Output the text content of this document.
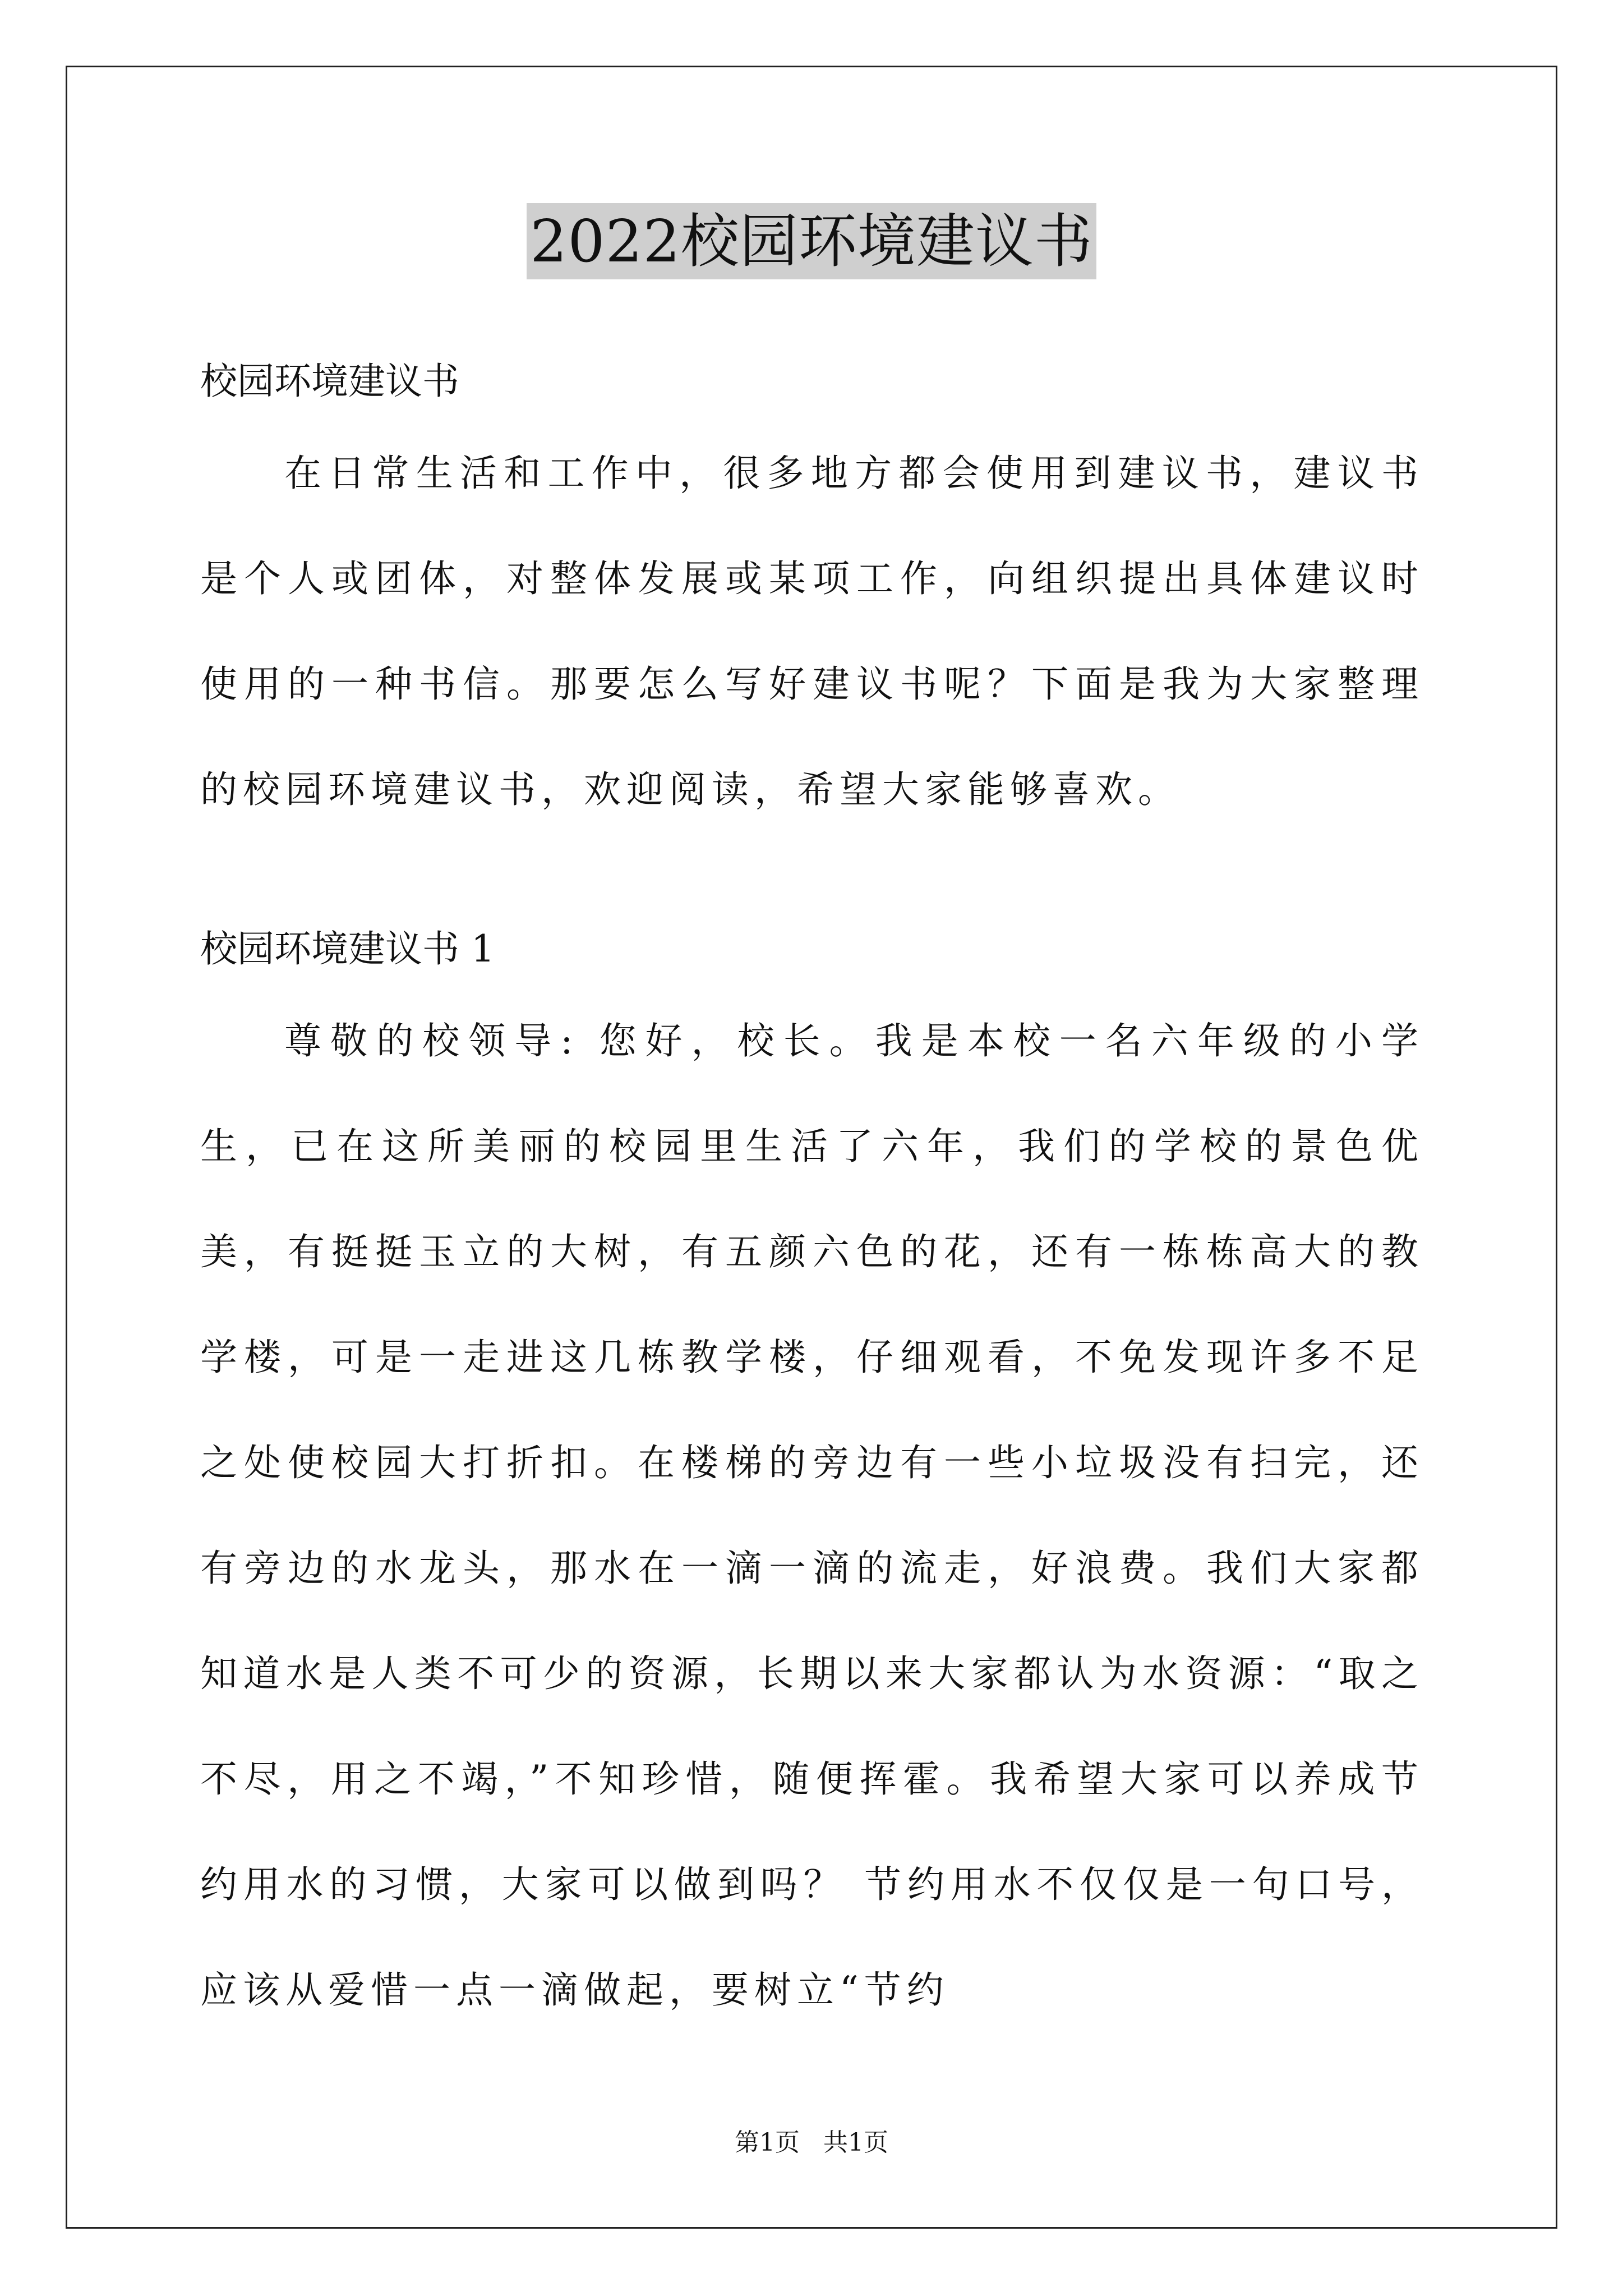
2022校园环境建议书

校园环境建议书

在日常生活和工作中，很多地方都会使用到建议书，建议书是个人或团体，对整体发展或某项工作，向组织提出具体建议时使用的一种书信。那要怎么写好建议书呢？下面是我为大家整理的校园环境建议书，欢迎阅读，希望大家能够喜欢。

校园环境建议书 1

尊敬的校领导: 您好，校长。我是本校一名六年级的小学生，已在这所美丽的校园里生活了六年，我们的学校的景色优美，有挺挺玉立的大树，有五颜六色的花，还有一栋栋高大的教学楼，可是一走进这几栋教学楼，仔细观看，不免发现许多不足之处使校园大打折扣。在楼梯的旁边有一些小垃圾没有扫完，还有旁边的水龙头，那水在一滴一滴的流走，好浪费。我们大家都知道水是人类不可少的资源，长期以来大家都认为水资源：“取之不尽，用之不竭，”不知珍惜，随便挥霍。我希望大家可以养成节约用水的习惯，大家可以做到吗？ 节约用水不仅仅是一句口号，应该从爱惜一点一滴做起，要树立“节约

第1页   共1页
